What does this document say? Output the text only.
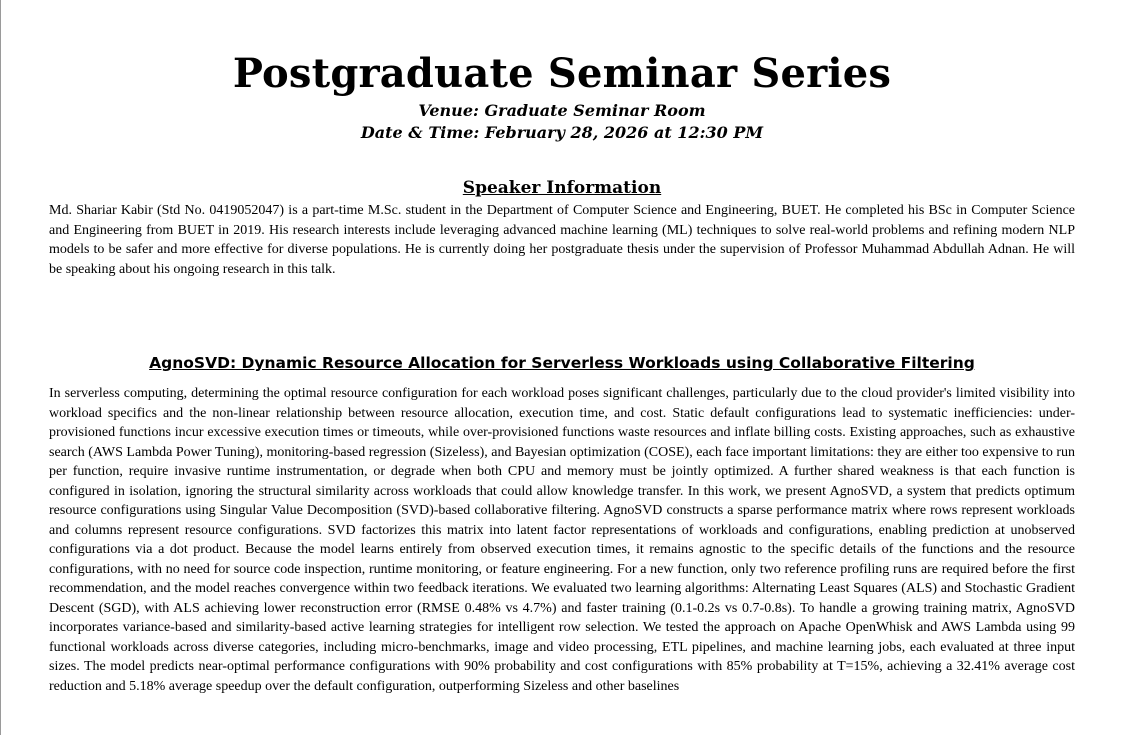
Postgraduate Seminar Series

Venue: Graduate Seminar Room

Date & Time: February 28, 2026 at 12:30 PM

Speaker Information

Md. Shariar Kabir (Std No. 0419052047) is a part-time M.Sc. student in the Department of Computer Science and Engineering, BUET. He completed his BSc in Computer Science and Engineering from BUET in 2019. His research interests include leveraging advanced machine learning (ML) techniques to solve real-world problems and refining modern NLP models to be safer and more effective for diverse populations. He is currently doing her postgraduate thesis under the supervision of Professor Muhammad Abdullah Adnan. He will be speaking about his ongoing research in this talk.

AgnoSVD: Dynamic Resource Allocation for Serverless Workloads using Collaborative Filtering

In serverless computing, determining the optimal resource configuration for each workload poses significant challenges, particularly due to the cloud provider's limited visibility into workload specifics and the non-linear relationship between resource allocation, execution time, and cost. Static default configurations lead to systematic inefficiencies: under-provisioned functions incur excessive execution times or timeouts, while over-provisioned functions waste resources and inflate billing costs. Existing approaches, such as exhaustive search (AWS Lambda Power Tuning), monitoring-based regression (Sizeless), and Bayesian optimization (COSE), each face important limitations: they are either too expensive to run per function, require invasive runtime instrumentation, or degrade when both CPU and memory must be jointly optimized. A further shared weakness is that each function is configured in isolation, ignoring the structural similarity across workloads that could allow knowledge transfer. In this work, we present AgnoSVD, a system that predicts optimum resource configurations using Singular Value Decomposition (SVD)-based collaborative filtering. AgnoSVD constructs a sparse performance matrix where rows represent workloads and columns represent resource configurations. SVD factorizes this matrix into latent factor representations of workloads and configurations, enabling prediction at unobserved configurations via a dot product. Because the model learns entirely from observed execution times, it remains agnostic to the specific details of the functions and the resource configurations, with no need for source code inspection, runtime monitoring, or feature engineering. For a new function, only two reference profiling runs are required before the first recommendation, and the model reaches convergence within two feedback iterations. We evaluated two learning algorithms: Alternating Least Squares (ALS) and Stochastic Gradient Descent (SGD), with ALS achieving lower reconstruction error (RMSE 0.48% vs 4.7%) and faster training (0.1-0.2s vs 0.7-0.8s). To handle a growing training matrix, AgnoSVD incorporates variance-based and similarity-based active learning strategies for intelligent row selection. We tested the approach on Apache OpenWhisk and AWS Lambda using 99 functional workloads across diverse categories, including micro-benchmarks, image and video processing, ETL pipelines, and machine learning jobs, each evaluated at three input sizes. The model predicts near-optimal performance configurations with 90% probability and cost configurations with 85% probability at T=15%, achieving a 32.41% average cost reduction and 5.18% average speedup over the default configuration, outperforming Sizeless and other baselines
